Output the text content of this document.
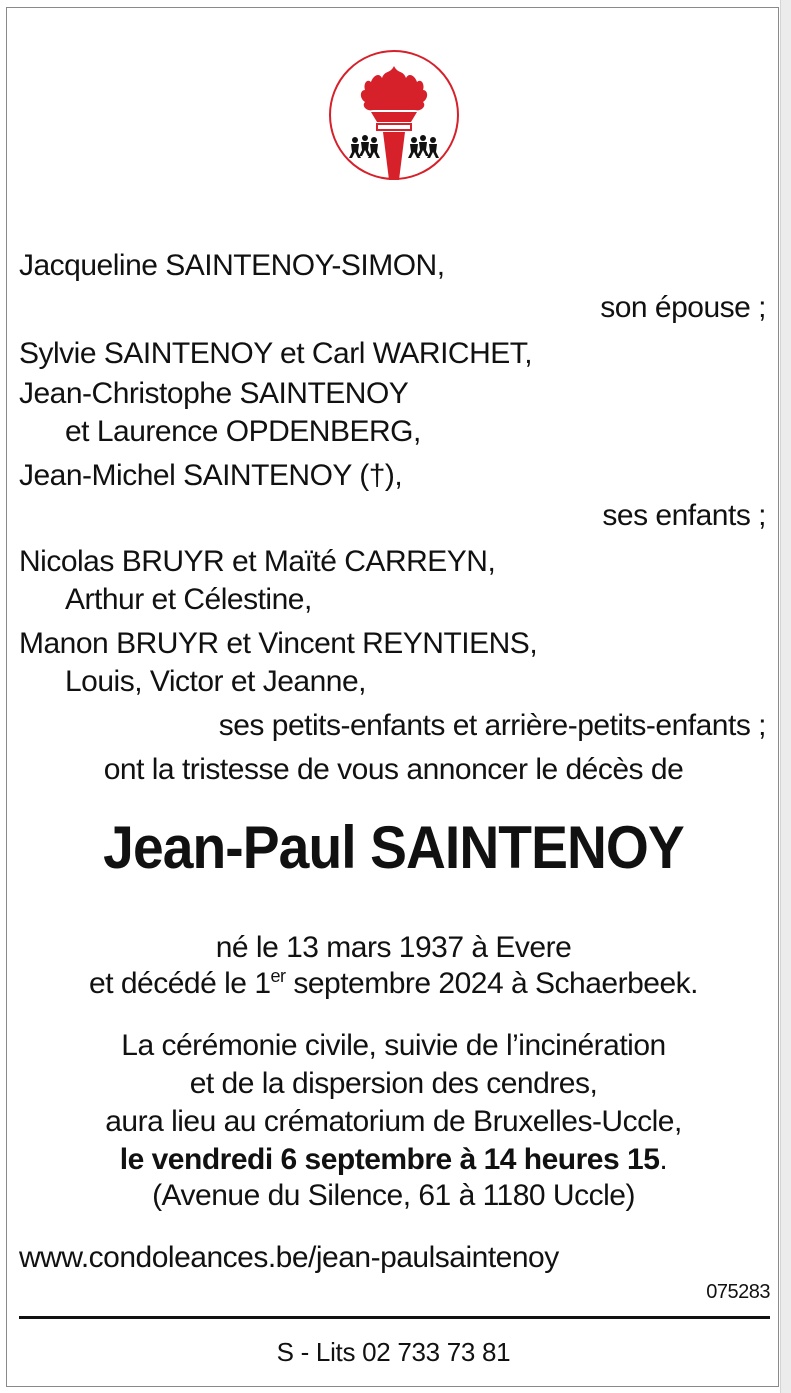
Jacqueline SAINTENOY-SIMON,
son épouse ;
Sylvie SAINTENOY et Carl WARICHET,
Jean-Christophe SAINTENOY
et Laurence OPDENBERG,
Jean-Michel SAINTENOY (†),
ses enfants ;
Nicolas BRUYR et Maïté CARREYN,
Arthur et Célestine,
Manon BRUYR et Vincent REYNTIENS,
Louis, Victor et Jeanne,
ses petits-enfants et arrière-petits-enfants ;
ont la tristesse de vous annoncer le décès de
Jean-Paul SAINTENOY
né le 13 mars 1937 à Evere
et décédé le 1er septembre 2024 à Schaerbeek.
La cérémonie civile, suivie de l’incinération
et de la dispersion des cendres,
aura lieu au crématorium de Bruxelles-Uccle,
le vendredi 6 septembre à 14 heures 15.
(Avenue du Silence, 61 à 1180 Uccle)
www.condoleances.be/jean-paulsaintenoy
075283
S - Lits 02 733 73 81
